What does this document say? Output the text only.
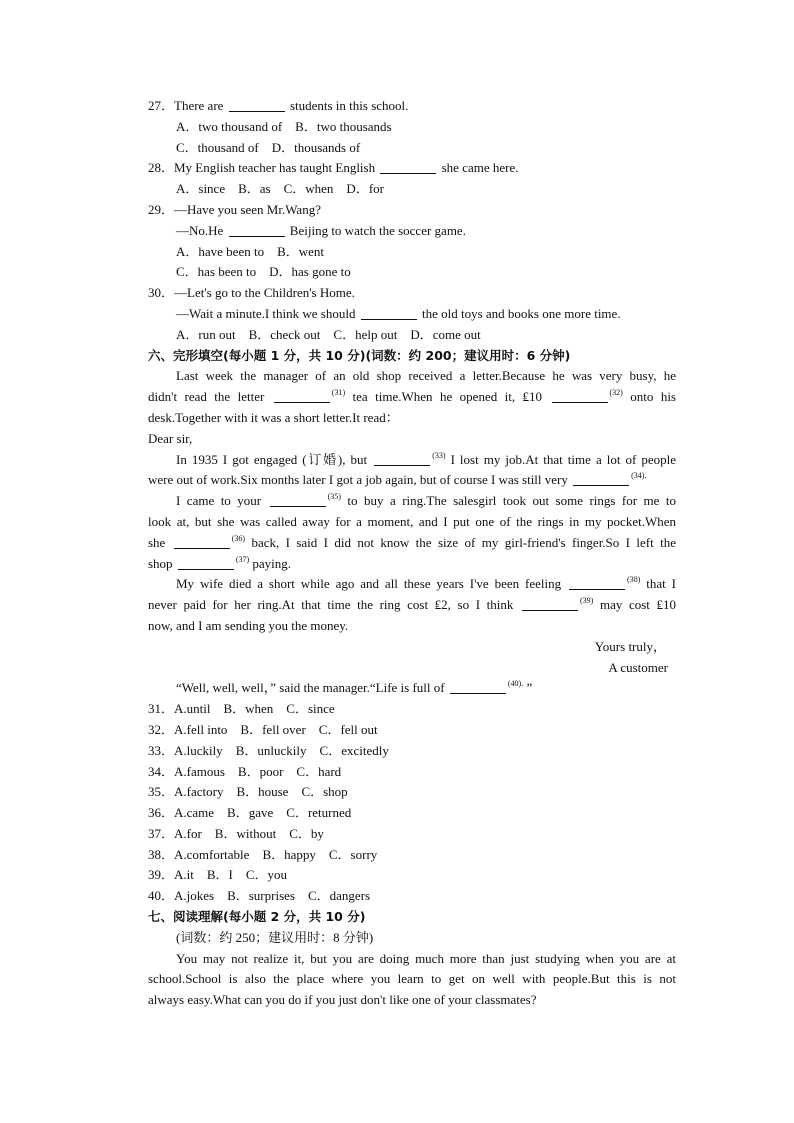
27．There are	students in this school.
A．two thousand of　B．two thousands
C．thousand of　D．thousands of
28．My English teacher has taught English	she came here.
A．since　B．as　C．when　D．for
29．—Have you seen Mr.Wang?
—No.He	Beijing to watch the soccer game.
A．have been to　B．went
C．has been to　D．has gone to
30．—Let's go to the Children's Home.
—Wait a minute.I think we should	the old toys and books one more time.
A．run out　B．check out　C．help out　D．come out
六、完形填空(每小题 1 分，共 10 分)(词数：约 200；建议用时：6 分钟)
Last week the manager of an old shop received a letter.Because he was very busy, he
didn't read the letter	$^{(31)}$ tea time.When he opened it, ₤10	$^{(32)}$ onto his
desk.Together with it was a short letter.It read：
Dear sir,
In 1935 I got engaged (订婚), but	$^{(33)}$ I lost my job.At that time a lot of people
were out of work.Six months later I got a job again, but of course I was still very	$^{(34).}$
I came to your	$^{(35)}$ to buy a ring.The salesgirl took out some rings for me to
look at, but she was called away for a moment, and I put one of the rings in my pocket.When
she	$^{(36)}$ back, I said I did not know the size of my girl-friend's finger.So I left the
shop	$^{(37)}$ paying.
My wife died a short while ago and all these years I've been feeling	$^{(38)}$ that I
never paid for her ring.At that time the ring cost ₤2, so I think	$^{(39)}$ may cost ₤10
now, and I am sending you the money.
Yours truly，
A customer
“Well, well, well，” said the manager.“Life is full of	$^{(40).}$ ”
31．A.until　B．when　C．since
32．A.fell into　B．fell over　C．fell out
33．A.luckily　B．unluckily　C．excitedly
34．A.famous　B．poor　C．hard
35．A.factory　B．house　C．shop
36．A.came　B．gave　C．returned
37．A.for　B．without　C．by
38．A.comfortable　B．happy　C．sorry
39．A.it　B．I　C．you
40．A.jokes　B．surprises　C．dangers
七、阅读理解(每小题 2 分，共 10 分)
(词数：约 250；建议用时：8 分钟)
You may not realize it, but you are doing much more than just studying when you are at
school.School is also the place where you learn to get on well with people.But this is not
always easy.What can you do if you just don't like one of your classmates?
